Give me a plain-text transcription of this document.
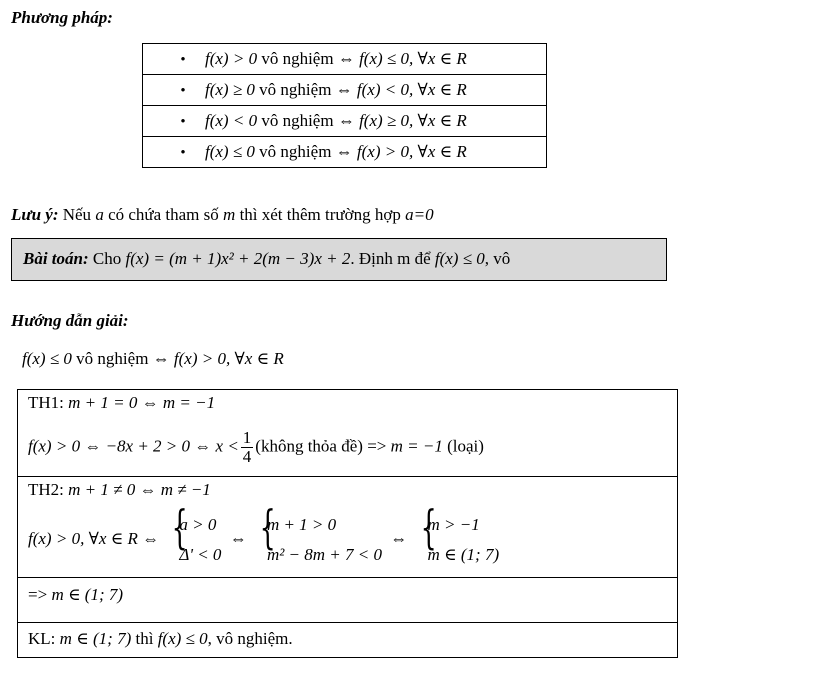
Phương pháp:
• f(x) > 0 vô nghiệm ⇔ f(x) ≤ 0, ∀x ∈ R
• f(x) ≥ 0 vô nghiệm ⇔ f(x) < 0, ∀x ∈ R
• f(x) < 0 vô nghiệm ⇔ f(x) ≥ 0, ∀x ∈ R
• f(x) ≤ 0 vô nghiệm ⇔ f(x) > 0, ∀x ∈ R
Lưu ý: Nếu a có chứa tham số m thì xét thêm trường hợp a=0
Bài toán: Cho f(x) = (m + 1)x² + 2(m − 3)x + 2. Định m để f(x) ≤ 0, vô
Hướng dẫn giải:
f(x) ≤ 0 vô nghiệm ⇔ f(x) > 0, ∀x ∈ R
TH1: m + 1 = 0 ⇔ m = −1
f(x) > 0 ⇔ −8x + 2 > 0 ⇔ $x < \frac{1}{4}$ (không thỏa đề) => m = −1 (loại)
TH2: m + 1 ≠ 0 ⇔ m ≠ −1
f(x) > 0, ∀x ∈ R ⇔ {
a > 0
Δ' < 0
⇔ {
m + 1 > 0
m² − 8m + 7 < 0
⇔ {
m > −1
m ∈ (1; 7)
=> m ∈ (1; 7)
KL: m ∈ (1; 7) thì f(x) ≤ 0, vô nghiệm.
